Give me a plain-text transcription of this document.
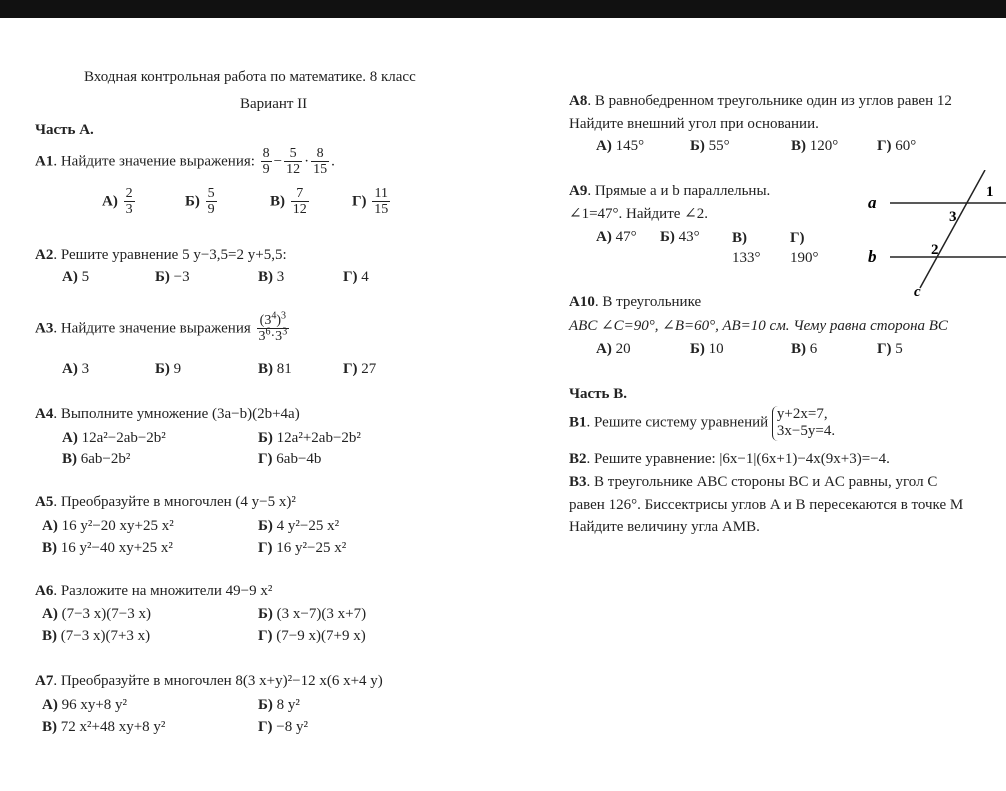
Входная контрольная работа по математике. 8 класс
Вариант II
Часть А.
А1. Найдите значение выражения: $\frac{8}{9} - \frac{5}{12} \cdot \frac{8}{15}$ .
$А) \frac{2}{3}$	$Б) \frac{5}{9}$	$В) \frac{7}{12}$	$Г) \frac{11}{15}$
А2. Решите уравнение 5 y−3,5=2 y+5,5:
А) 5	Б) −3	В) 3	Г) 4
А3. Найдите значение выражения $\frac{(3^4)^3}{3^6\cdot 3^3}$
А) 3	Б) 9	В) 81	Г) 27
А4. Выполните умножение (3a−b)(2b+4a)
А) 12a²−2ab−2b²	Б) 12a²+2ab−2b²
В) 6ab−2b²	Г) 6ab−4b
А5. Преобразуйте в многочлен (4 y−5 x)²
А) 16 y²−20 xy+25 x²	Б) 4 y²−25 x²
В) 16 y²−40 xy+25 x²	Г) 16 y²−25 x²
А6. Разложите на множители 49−9 x²
А) (7−3 x)(7−3 x)	Б) (3 x−7)(3 x+7)
В) (7−3 x)(7+3 x)	Г) (7−9 x)(7+9 x)
А7. Преобразуйте в многочлен 8(3 x+y)²−12 x(6 x+4 y)
А) 96 xy+8 y²	Б) 8 y²
В) 72 x²+48 xy+8 y²	Г) −8 y²
А8. В равнобедренном треугольнике один из углов равен 12
Найдите внешний угол при основании.
А) 145°	Б) 55°	В) 120°	Г) 60°
А9. Прямые a и b параллельны.
∠1=47°. Найдите ∠2.
А) 47° Б) 43° В)
133°
Г)
190°
a
b
c
1
3
2
А10. В треугольнике
ABC ∠C=90°, ∠B=60°, AB=10 см. Чему равна сторона BC
А) 20	Б) 10	В) 6	Г) 5
Часть В.
В1. Решите систему уравнений y+2x=7,
3x−5y=4.
В2. Решите уравнение: |6x−1|(6x+1)−4x(9x+3)=−4.
В3. В треугольнике ABC стороны BC и AC равны, угол C
равен 126°. Биссектрисы углов A и B пересекаются в точке M
Найдите величину угла AMB.
